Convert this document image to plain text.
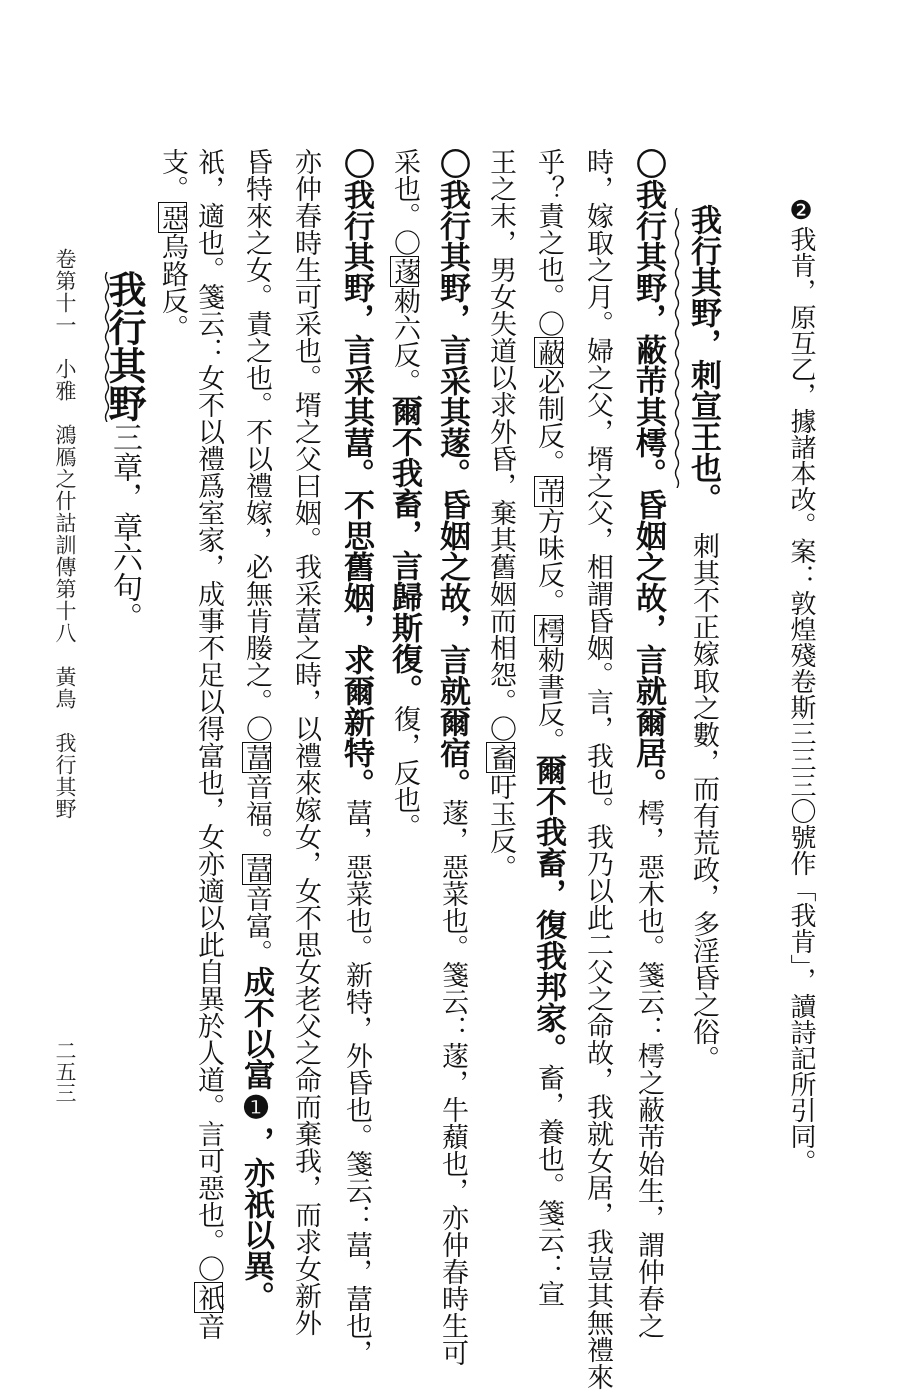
❷我肯，原互乙，據諸本改。案：敦煌殘卷斯三三三〇號作「我肯」，讀詩記所引同。
我行其野，刺宣王也。刺其不正嫁取之數，而有荒政，多淫昏之俗。
〇我行其野，蔽芾其樗。昏姻之故，言就爾居。樗，惡木也。箋云：樗之蔽芾始生，謂仲春之
時，嫁取之月。婦之父，壻之父，相謂昏姻。言，我也。我乃以此二父之命故，我就女居，我豈其無禮來
乎？責之也。〇蔽必制反。芾方味反。樗勑書反。爾不我畜，復我邦家。畜，養也。箋云：宣
王之末，男女失道以求外昏，棄其舊姻而相怨。〇畜吁玉反。
〇我行其野，言采其蓫。昏姻之故，言就爾宿。蓫，惡菜也。箋云：蓫，牛蘈也，亦仲春時生可
采也。〇蓫勑六反。爾不我畜，言歸斯復。復，反也。
〇我行其野，言采其葍。不思舊姻，求爾新特。葍，惡菜也。新特，外昏也。箋云：葍，葍也，
亦仲春時生可采也。壻之父曰姻。我采葍之時，以禮來嫁女，女不思女老父之命而棄我，而求女新外
昏特來之女。責之也。不以禮嫁，必無肯媵之。〇葍音福。葍音富。成不以富❶，亦祇以異。
祇，適也。箋云：女不以禮爲室家，成事不足以得富也，女亦適以此自異於人道。言可惡也。〇祇音
支。惡烏路反。
我行其野三章，章六句。
卷第十一　小雅　鴻鴈之什詁訓傳第十八　黃鳥　我行其野
二五三
